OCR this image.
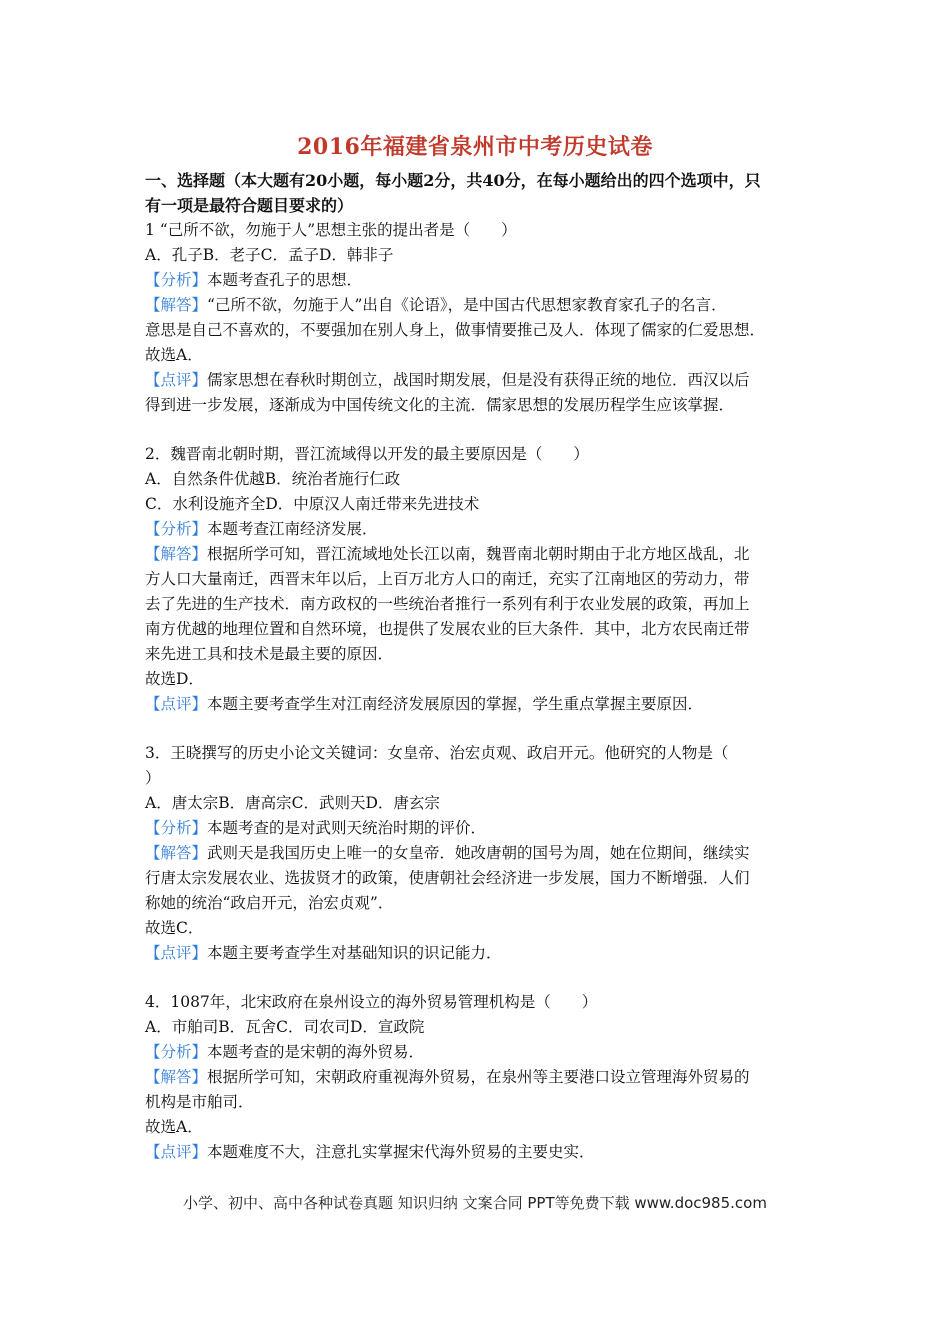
2016年福建省泉州市中考历史试卷
一、选择题（本大题有20小题，每小题2分，共40分，在每小题给出的四个选项中，只
有一项是最符合题目要求的）
1 “己所不欲，勿施于人”思想主张的提出者是（　　）
A．孔子B．老子C．孟子D．韩非子
【分析】本题考查孔子的思想．
【解答】“己所不欲，勿施于人”出自《论语》，是中国古代思想家教育家孔子的名言．
意思是自己不喜欢的，不要强加在别人身上，做事情要推己及人．体现了儒家的仁爱思想．
故选A．
【点评】儒家思想在春秋时期创立，战国时期发展，但是没有获得正统的地位．西汉以后
得到进一步发展，逐渐成为中国传统文化的主流．儒家思想的发展历程学生应该掌握．
2．魏晋南北朝时期，晋江流域得以开发的最主要原因是（　　）
A．自然条件优越B．统治者施行仁政
C．水利设施齐全D．中原汉人南迁带来先进技术
【分析】本题考查江南经济发展．
【解答】根据所学可知，晋江流域地处长江以南，魏晋南北朝时期由于北方地区战乱，北
方人口大量南迁，西晋末年以后，上百万北方人口的南迁，充实了江南地区的劳动力，带
去了先进的生产技术．南方政权的一些统治者推行一系列有利于农业发展的政策，再加上
南方优越的地理位置和自然环境，也提供了发展农业的巨大条件．其中，北方农民南迁带
来先进工具和技术是最主要的原因．
故选D．
【点评】本题主要考查学生对江南经济发展原因的掌握，学生重点掌握主要原因．
3．王晓撰写的历史小论文关键词：女皇帝、治宏贞观、政启开元。他研究的人物是（
）
A．唐太宗B．唐高宗C．武则天D．唐玄宗
【分析】本题考查的是对武则天统治时期的评价．
【解答】武则天是我国历史上唯一的女皇帝．她改唐朝的国号为周，她在位期间，继续实
行唐太宗发展农业、选拔贤才的政策，使唐朝社会经济进一步发展，国力不断增强．人们
称她的统治“政启开元，治宏贞观”．
故选C．
【点评】本题主要考查学生对基础知识的识记能力．
4．1087年，北宋政府在泉州设立的海外贸易管理机构是（　　）
A．市舶司B．瓦舍C．司农司D．宣政院
【分析】本题考查的是宋朝的海外贸易．
【解答】根据所学可知，宋朝政府重视海外贸易，在泉州等主要港口设立管理海外贸易的
机构是市舶司．
故选A．
【点评】本题难度不大，注意扎实掌握宋代海外贸易的主要史实．
小学、初中、高中各种试卷真题 知识归纳 文案合同 PPT等免费下载 www.doc985.com
